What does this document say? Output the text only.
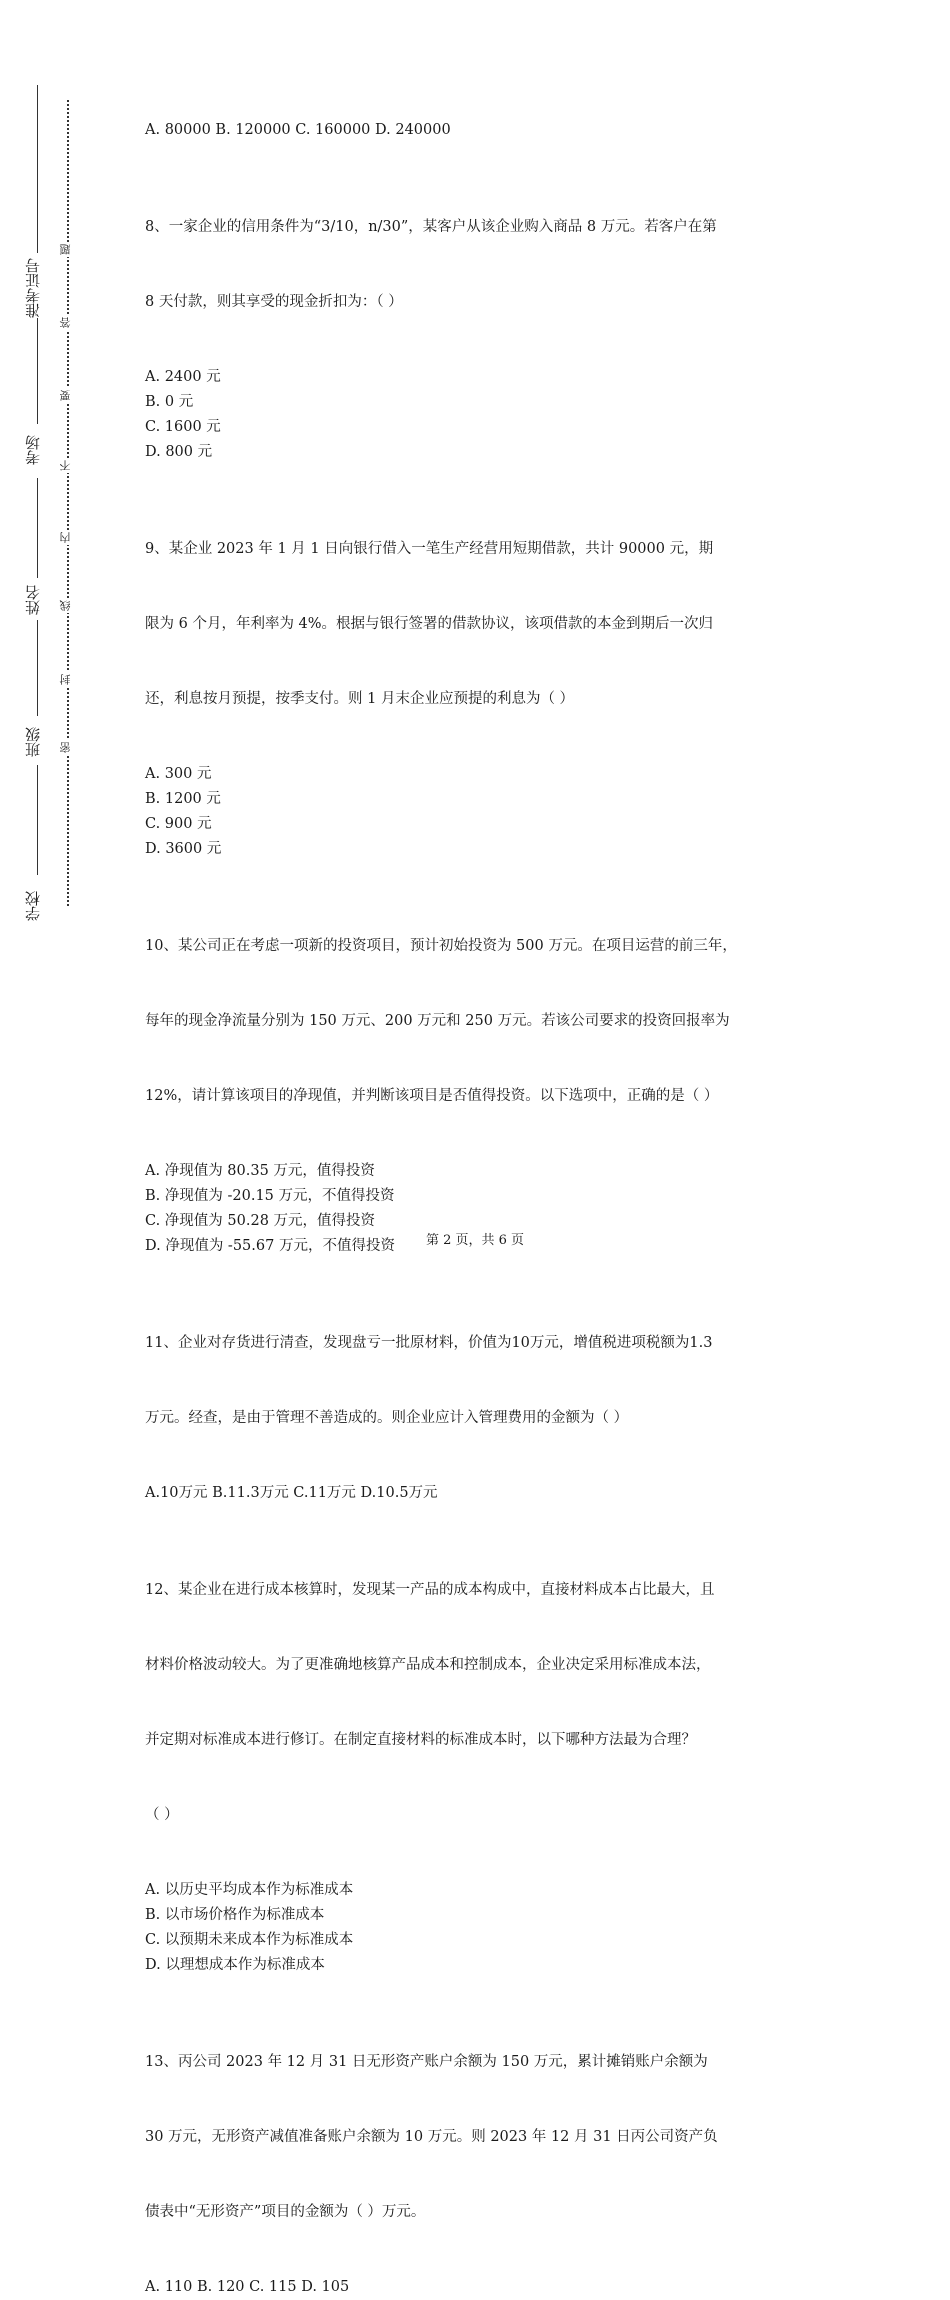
学校
班级
姓名
考场
准考证号
密
封
线
内
不
要
答
题
A. 80000 B. 120000 C. 160000 D. 240000

8、一家企业的信用条件为“3/10，n/30”，某客户从该企业购入商品 8 万元。若客户在第

8 天付款，则其享受的现金折扣为：（ ）

A. 2400 元
B. 0 元
C. 1600 元
D. 800 元

9、某企业 2023 年 1 月 1 日向银行借入一笔生产经营用短期借款，共计 90000 元，期

限为 6 个月，年利率为 4%。根据与银行签署的借款协议，该项借款的本金到期后一次归

还，利息按月预提，按季支付。则 1 月末企业应预提的利息为（ ）

A. 300 元
B. 1200 元
C. 900 元
D. 3600 元

10、某公司正在考虑一项新的投资项目，预计初始投资为 500 万元。在项目运营的前三年，

每年的现金净流量分别为 150 万元、200 万元和 250 万元。若该公司要求的投资回报率为

12%，请计算该项目的净现值，并判断该项目是否值得投资。以下选项中，正确的是（ ）

A. 净现值为 80.35 万元，值得投资
B. 净现值为 -20.15 万元，不值得投资
C. 净现值为 50.28 万元，值得投资
D. 净现值为 -55.67 万元，不值得投资

11、企业对存货进行清查，发现盘亏一批原材料，价值为10万元，增值税进项税额为1.3

万元。经查，是由于管理不善造成的。则企业应计入管理费用的金额为（ ）

A.10万元 B.11.3万元 C.11万元 D.10.5万元

12、某企业在进行成本核算时，发现某一产品的成本构成中，直接材料成本占比最大，且

材料价格波动较大。为了更准确地核算产品成本和控制成本，企业决定采用标准成本法，

并定期对标准成本进行修订。在制定直接材料的标准成本时，以下哪种方法最为合理？

（ ）

A. 以历史平均成本作为标准成本
B. 以市场价格作为标准成本
C. 以预期未来成本作为标准成本
D. 以理想成本作为标准成本

13、丙公司 2023 年 12 月 31 日无形资产账户余额为 150 万元，累计摊销账户余额为

30 万元，无形资产减值准备账户余额为 10 万元。则 2023 年 12 月 31 日丙公司资产负

债表中“无形资产”项目的金额为（ ）万元。

A. 110 B. 120 C. 115 D. 105
第 2 页，共 6 页
